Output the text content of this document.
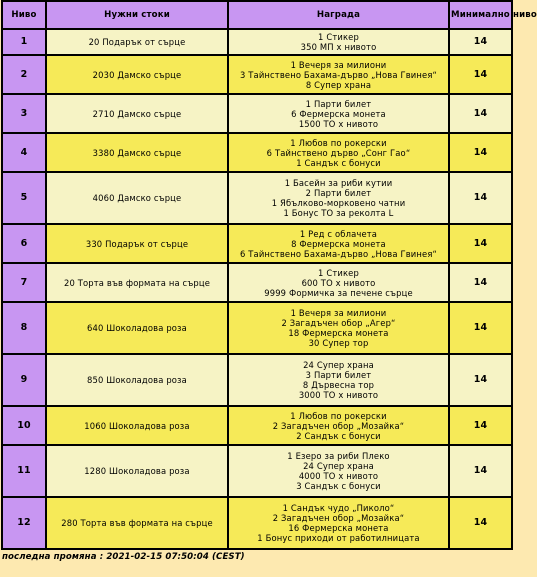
Ниво	Нужни стоки	Награда	Минимално ниво
1	20 Подарък от сърце	1 Стикер
350 МП x нивото	14
2	2030 Дамско сърце	1 Вечеря за милиони
3 Тайнствено Бахама-дърво „Нова Гвинея“
8 Супер храна	14
3	2710 Дамско сърце	1 Парти билет
6 Фермерска монета
1500 ТО x нивото	14
4	3380 Дамско сърце	1 Любов по рокерски
6 Тайнствено дърво „Сонг Гао“
1 Сандък с бонуси	14
5	4060 Дамско сърце	1 Басейн за риби кутии
2 Парти билет
1 Ябълково-морковено чатни
1 Бонус ТО за реколта L	14
6	330 Подарък от сърце	1 Ред с облачета
8 Фермерска монета
6 Тайнствено Бахама-дърво „Нова Гвинея“	14
7	20 Торта във формата на сърце	1 Стикер
600 ТО x нивото
9999 Формичка за печене сърце	14
8	640 Шоколадова роза	1 Вечеря за милиони
2 Загадъчен обор „Агер“
18 Фермерска монета
30 Супер тор	14
9	850 Шоколадова роза	24 Супер храна
3 Парти билет
8 Дървесна тор
3000 ТО x нивото	14
10	1060 Шоколадова роза	1 Любов по рокерски
2 Загадъчен обор „Мозайка“
2 Сандък с бонуси	14
11	1280 Шоколадова роза	1 Езеро за риби Плеко
24 Супер храна
4000 ТО x нивото
3 Сандък с бонуси	14
12	280 Торта във формата на сърце	1 Сандък чудо „Пиколо“
2 Загадъчен обор „Мозайка“
16 Фермерска монета
1 Бонус приходи от работилницата	14
последна промяна : 2021-02-15 07:50:04 (CEST)
